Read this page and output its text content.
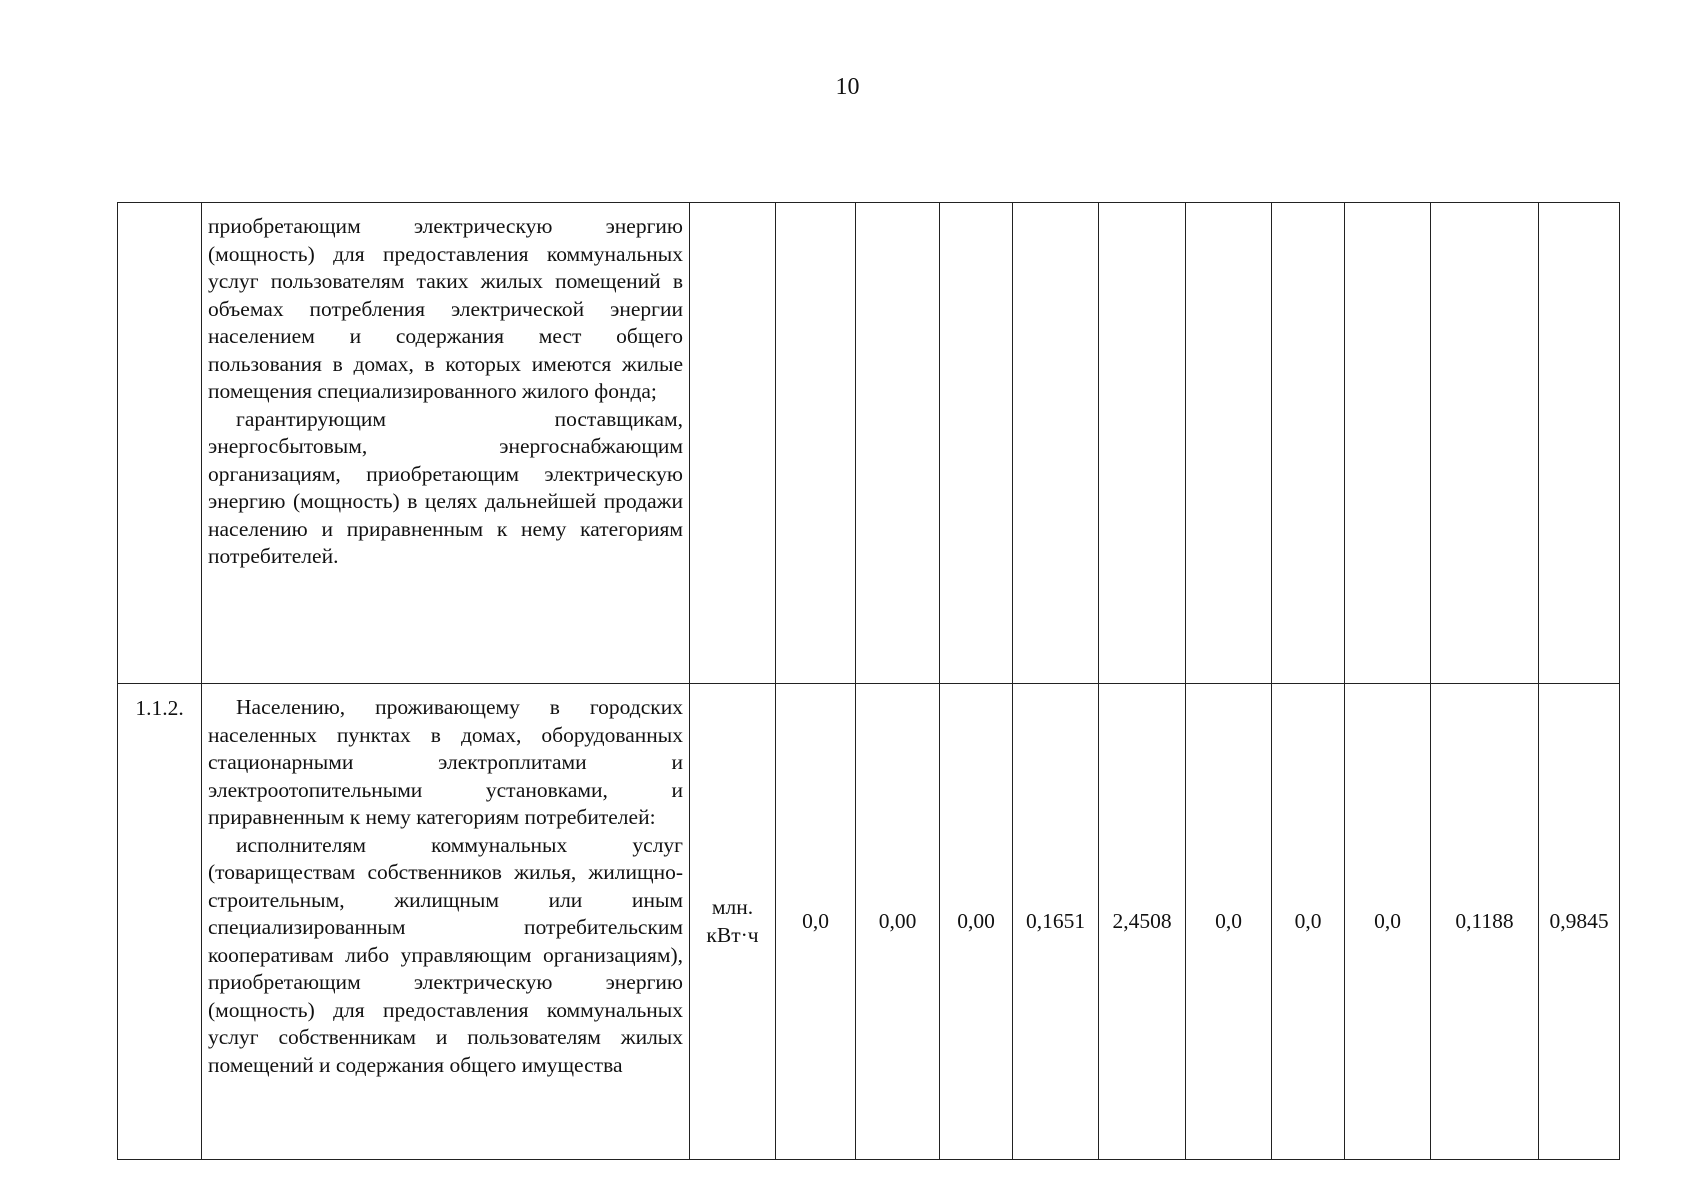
10

	приобретающим электрическую энергию (мощность) для предоставления коммунальных услуг пользователям таких жилых помещений в объемах потребления электрической энергии населением и содержания мест общего пользования в домах, в которых имеются жилые помещения специализированного жилого фонда;

гарантирующим поставщикам, энергосбытовым, энергоснабжающим организациям, приобретающим электрическую энергию (мощность) в целях дальнейшей продажи населению и приравненным к нему категориям потребителей.											

1.1.2.	Населению, проживающему в городских населенных пунктах в домах, оборудованных стационарными электроплитами и электроотопительными установками, и приравненным к нему категориям потребителей:

исполнителям коммунальных услуг (товариществам собственников жилья, жилищно-строительным, жилищным или иным специализированным потребительским кооперативам либо управляющим организациям), приобретающим электрическую энергию (мощность) для предоставления коммунальных услуг собственникам и пользователям жилых помещений и содержания общего имущества	млн. кВт·ч	0,0	0,00	0,00	0,1651	2,4508	0,0	0,0	0,0	0,1188	0,9845
